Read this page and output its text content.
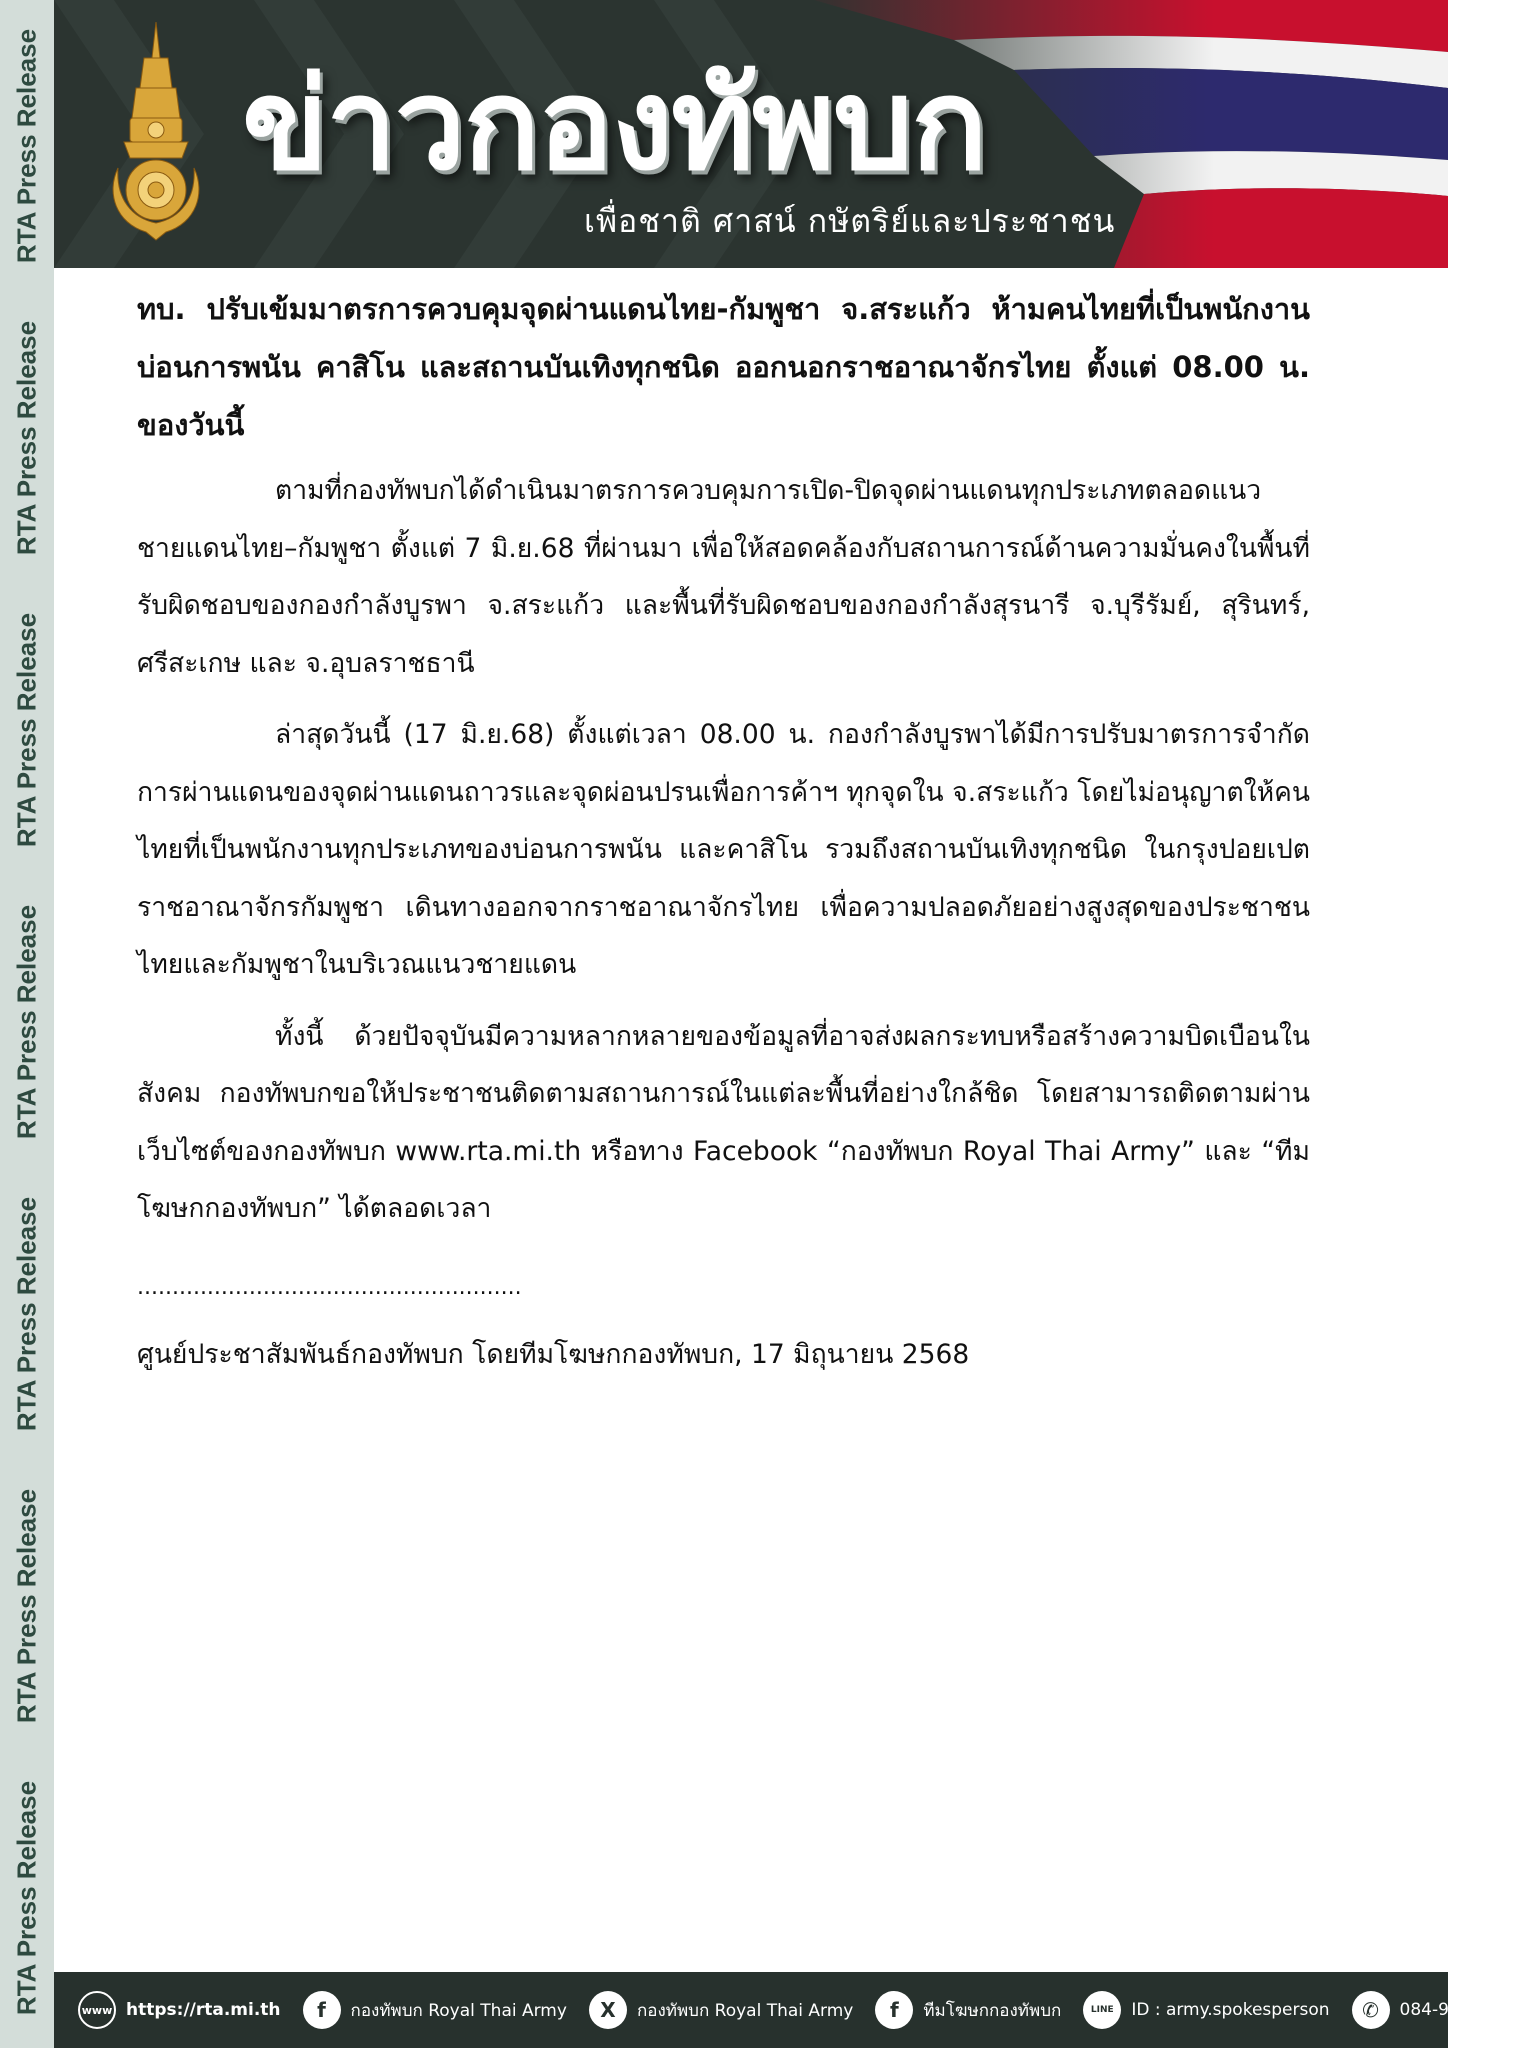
RTA Press Release
RTA Press Release
RTA Press Release
RTA Press Release
RTA Press Release
RTA Press Release
RTA Press Release
ข่าวกองทัพบก
เพื่อชาติ ศาสน์ กษัตริย์และประชาชน

ทบ. ปรับเข้มมาตรการควบคุมจุดผ่านแดนไทย-กัมพูชา จ.สระแก้ว ห้ามคนไทยที่เป็นพนักงานบ่อนการพนัน คาสิโน และสถานบันเทิงทุกชนิด ออกนอกราชอาณาจักรไทย ตั้งแต่ 08.00 น. ของวันนี้

ตามที่กองทัพบกได้ดำเนินมาตรการควบคุมการเปิด-ปิดจุดผ่านแดนทุกประเภทตลอดแนวชายแดนไทย–กัมพูชา ตั้งแต่ 7 มิ.ย.68 ที่ผ่านมา เพื่อให้สอดคล้องกับสถานการณ์ด้านความมั่นคงในพื้นที่รับผิดชอบของกองกำลังบูรพา จ.สระแก้ว และพื้นที่รับผิดชอบของกองกำลังสุรนารี จ.บุรีรัมย์, สุรินทร์, ศรีสะเกษ และ จ.อุบลราชธานี

ล่าสุดวันนี้ (17 มิ.ย.68) ตั้งแต่เวลา 08.00 น. กองกำลังบูรพาได้มีการปรับมาตรการจำกัดการผ่านแดนของจุดผ่านแดนถาวรและจุดผ่อนปรนเพื่อการค้าฯ ทุกจุดใน จ.สระแก้ว โดยไม่อนุญาตให้คนไทยที่เป็นพนักงานทุกประเภทของบ่อนการพนัน และคาสิโน รวมถึงสถานบันเทิงทุกชนิด ในกรุงปอยเปต ราชอาณาจักรกัมพูชา เดินทางออกจากราชอาณาจักรไทย เพื่อความปลอดภัยอย่างสูงสุดของประชาชนไทยและกัมพูชาในบริเวณแนวชายแดน

ทั้งนี้ ด้วยปัจจุบันมีความหลากหลายของข้อมูลที่อาจส่งผลกระทบหรือสร้างความบิดเบือนในสังคม กองทัพบกขอให้ประชาชนติดตามสถานการณ์ในแต่ละพื้นที่อย่างใกล้ชิด โดยสามารถติดตามผ่านเว็บไซต์ของกองทัพบก www.rta.mi.th หรือทาง Facebook “กองทัพบก Royal Thai Army” และ “ทีมโฆษกกองทัพบก” ได้ตลอดเวลา

.......................................................

ศูนย์ประชาสัมพันธ์กองทัพบก โดยทีมโฆษกกองทัพบก, 17 มิถุนายน 2568

www https://rta.mi.th	f	กองทัพบก Royal Thai Army	X	กองทัพบก Royal Thai Army	f	ทีมโฆษกกองทัพบก	LINE	ID : army.spokesperson	✆	084-986-5379
